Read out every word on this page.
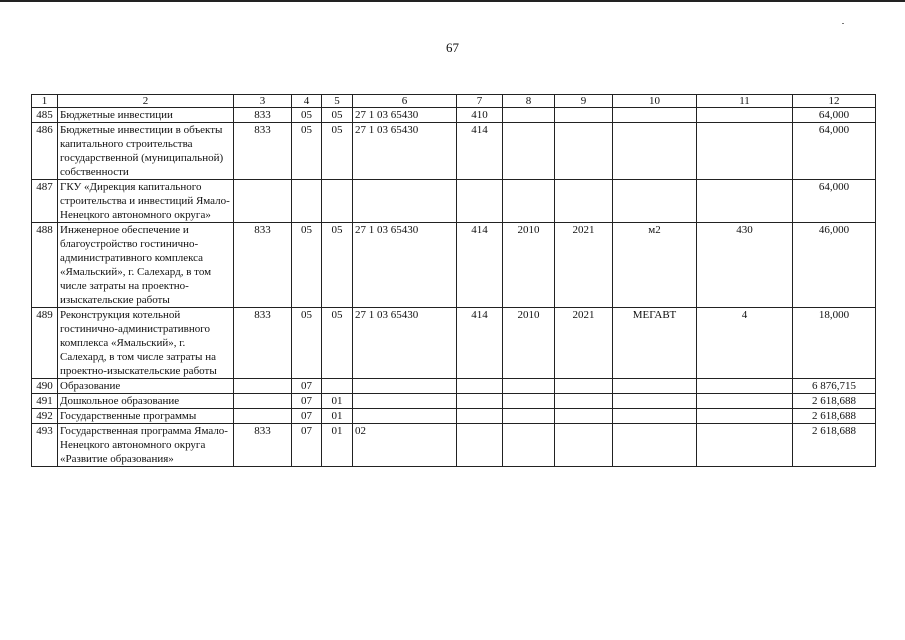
67
1	2	3	4	5	6	7	8	9	10	11	12
485	Бюджетные инвестиции	833	05	05	27 1 03 65430	410					64,000
486	Бюджетные инвестиции в объекты капитального строительства государственной (муниципальной) собственности	833	05	05	27 1 03 65430	414					64,000
487	ГКУ «Дирекция капитального строительства и инвестиций Ямало-Ненецкого автономного округа»										64,000
488	Инженерное обеспечение и благоустройство гостинично-административного комплекса «Ямальский», г. Салехард, в том числе затраты на проектно-изыскательские работы	833	05	05	27 1 03 65430	414	2010	2021	м2	430	46,000
489	Реконструкция котельной гостинично-административного комплекса «Ямальский», г. Салехард, в том числе затраты на проектно-изыскательские работы	833	05	05	27 1 03 65430	414	2010	2021	МЕГАВТ	4	18,000
490	Образование		07								6 876,715
491	Дошкольное образование		07	01							2 618,688
492	Государственные программы		07	01							2 618,688
493	Государственная программа Ямало-Ненецкого автономного округа «Развитие образования»	833	07	01	02						2 618,688
